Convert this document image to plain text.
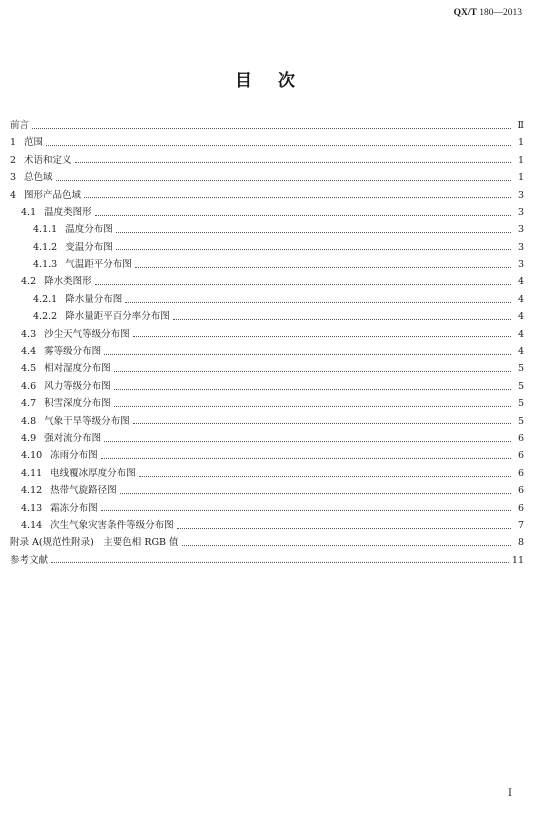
QX/T 180—2013
目次
前言	Ⅱ
1 范围	1
2 术语和定义	1
3 总色域	1
4 图形产品色域	3
4.1 温度类图形	3
4.1.1 温度分布图	3
4.1.2 变温分布图	3
4.1.3 气温距平分布图	3
4.2 降水类图形	4
4.2.1 降水量分布图	4
4.2.2 降水量距平百分率分布图	4
4.3 沙尘天气等级分布图	4
4.4 雾等级分布图	4
4.5 相对湿度分布图	5
4.6 风力等级分布图	5
4.7 积雪深度分布图	5
4.8 气象干旱等级分布图	5
4.9 强对流分布图	6
4.10 冻雨分布图	6
4.11 电线覆冰厚度分布图	6
4.12 热带气旋路径图	6
4.13 霜冻分布图	6
4.14 次生气象灾害条件等级分布图	7
附录 A(规范性附录)　主要色相 RGB 值	8
参考文献	11
Ⅰ
